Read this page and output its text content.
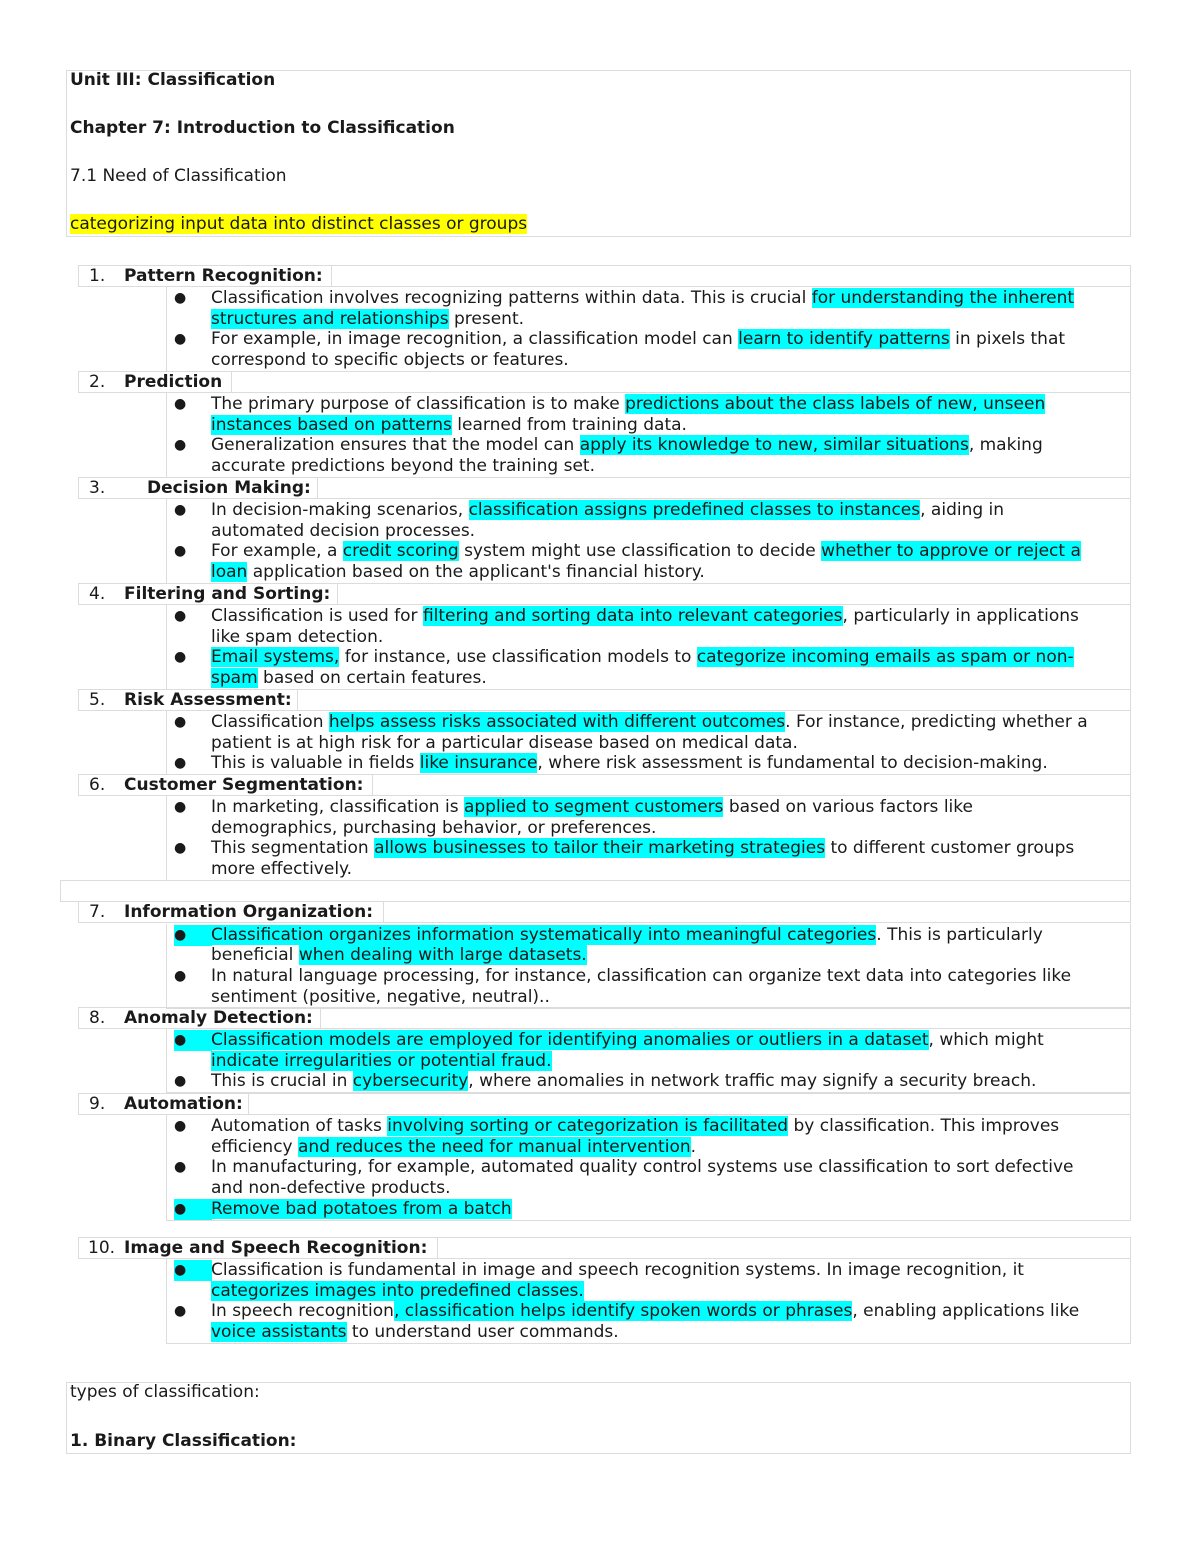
Unit III: Classification
Chapter 7: Introduction to Classification
7.1 Need of Classification
categorizing input data into distinct classes or groups
1. Pattern Recognition:
● Classification involves recognizing patterns within data. This is crucial for understanding the inherent
structures and relationships present.
● For example, in image recognition, a classification model can learn to identify patterns in pixels that
correspond to specific objects or features.
2. Prediction
● The primary purpose of classification is to make predictions about the class labels of new, unseen
instances based on patterns learned from training data.
● Generalization ensures that the model can apply its knowledge to new, similar situations, making
accurate predictions beyond the training set.
3. Decision Making:
● In decision-making scenarios, classification assigns predefined classes to instances, aiding in
automated decision processes.
● For example, a credit scoring system might use classification to decide whether to approve or reject a
loan application based on the applicant's financial history.
4. Filtering and Sorting:
● Classification is used for filtering and sorting data into relevant categories, particularly in applications
like spam detection.
● Email systems, for instance, use classification models to categorize incoming emails as spam or non-
spam based on certain features.
5. Risk Assessment:
● Classification helps assess risks associated with different outcomes. For instance, predicting whether a
patient is at high risk for a particular disease based on medical data.
● This is valuable in fields like insurance, where risk assessment is fundamental to decision-making.
6. Customer Segmentation:
● In marketing, classification is applied to segment customers based on various factors like
demographics, purchasing behavior, or preferences.
● This segmentation allows businesses to tailor their marketing strategies to different customer groups
more effectively.
7. Information Organization:
●	Classification organizes information systematically into meaningful categories. This is particularly
beneficial when dealing with large datasets.
● In natural language processing, for instance, classification can organize text data into categories like
sentiment (positive, negative, neutral)..
8. Anomaly Detection:
●	Classification models are employed for identifying anomalies or outliers in a dataset, which might
indicate irregularities or potential fraud.
● This is crucial in cybersecurity, where anomalies in network traffic may signify a security breach.
9. Automation:
● Automation of tasks involving sorting or categorization is facilitated by classification. This improves
efficiency and reduces the need for manual intervention.
● In manufacturing, for example, automated quality control systems use classification to sort defective
and non-defective products.
●	Remove bad potatoes from a batch
10. Image and Speech Recognition:
●	Classification is fundamental in image and speech recognition systems. In image recognition, it
categorizes images into predefined classes.
● In speech recognition, classification helps identify spoken words or phrases, enabling applications like
voice assistants to understand user commands.
types of classification:
1. Binary Classification:
